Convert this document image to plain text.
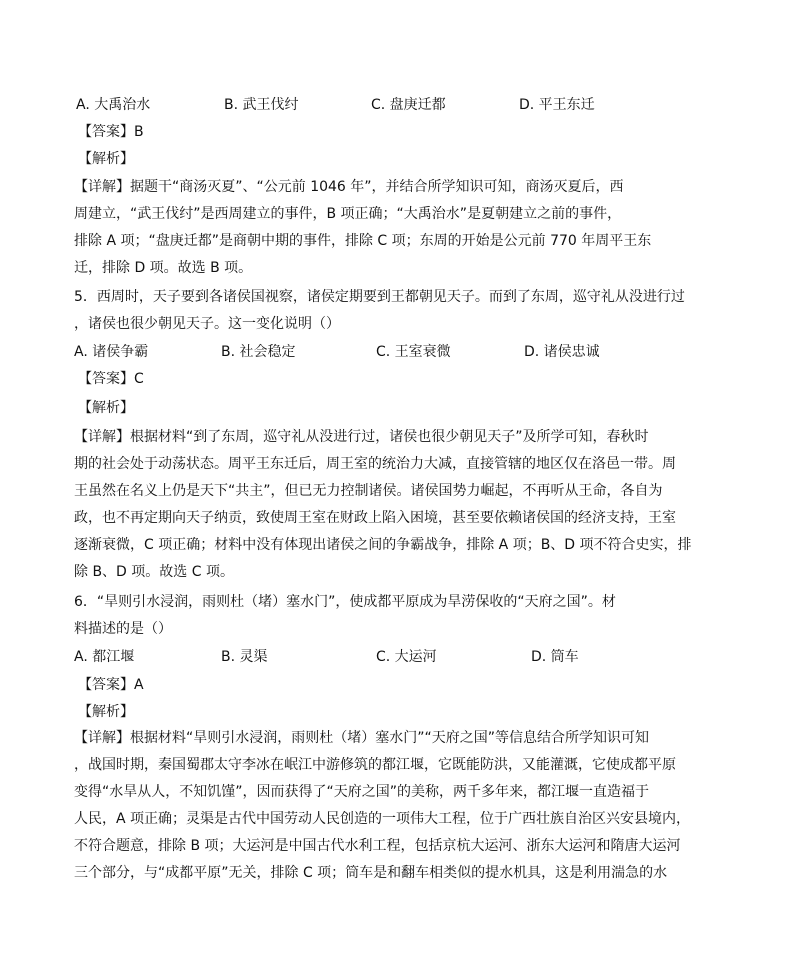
A. 大禹治水	B. 武王伐纣	C. 盘庚迁都	D. 平王东迁
【答案】B
【解析】

【详解】据题干“商汤灭夏”、“公元前 1046 年”，并结合所学知识可知，商汤灭夏后，西

周建立，“武王伐纣”是西周建立的事件，B 项正确；“大禹治水”是夏朝建立之前的事件，

排除 A 项；“盘庚迁都”是商朝中期的事件，排除 C 项；东周的开始是公元前 770 年周平王东

迁，排除 D 项。故选 B 项。

5．西周时，天子要到各诸侯国视察，诸侯定期要到王都朝见天子。而到了东周，巡守礼从没进行过

，诸侯也很少朝见天子。这一变化说明（）

A. 诸侯争霸	B. 社会稳定	C. 王室衰微	D. 诸侯忠诚
【答案】C
【解析】

【详解】根据材料“到了东周，巡守礼从没进行过，诸侯也很少朝见天子”及所学可知，春秋时

期的社会处于动荡状态。周平王东迁后，周王室的统治力大减，直接管辖的地区仅在洛邑一带。周

王虽然在名义上仍是天下“共主”，但已无力控制诸侯。诸侯国势力崛起，不再听从王命，各自为

政，也不再定期向天子纳贡，致使周王室在财政上陷入困境，甚至要依赖诸侯国的经济支持，王室

逐渐衰微，C 项正确；材料中没有体现出诸侯之间的争霸战争，排除 A 项；B、D 项不符合史实，排

除 B、D 项。故选 C 项。

6．“旱则引水浸润，雨则杜（堵）塞水门”，使成都平原成为旱涝保收的“天府之国”。材

料描述的是（）

A. 都江堰	B. 灵渠	C. 大运河	D. 筒车
【答案】A
【解析】

【详解】根据材料“旱则引水浸润，雨则杜（堵）塞水门”“天府之国”等信息结合所学知识可知

，战国时期，秦国蜀郡太守李冰在岷江中游修筑的都江堰，它既能防洪，又能灌溉，它使成都平原

变得“水旱从人，不知饥馑”，因而获得了“天府之国”的美称，两千多年来，都江堰一直造福于

人民，A 项正确；灵渠是古代中国劳动人民创造的一项伟大工程，位于广西壮族自治区兴安县境内，

不符合题意，排除 B 项；大运河是中国古代水利工程，包括京杭大运河、浙东大运河和隋唐大运河

三个部分，与“成都平原”无关，排除 C 项；筒车是和翻车相类似的提水机具，这是利用湍急的水
